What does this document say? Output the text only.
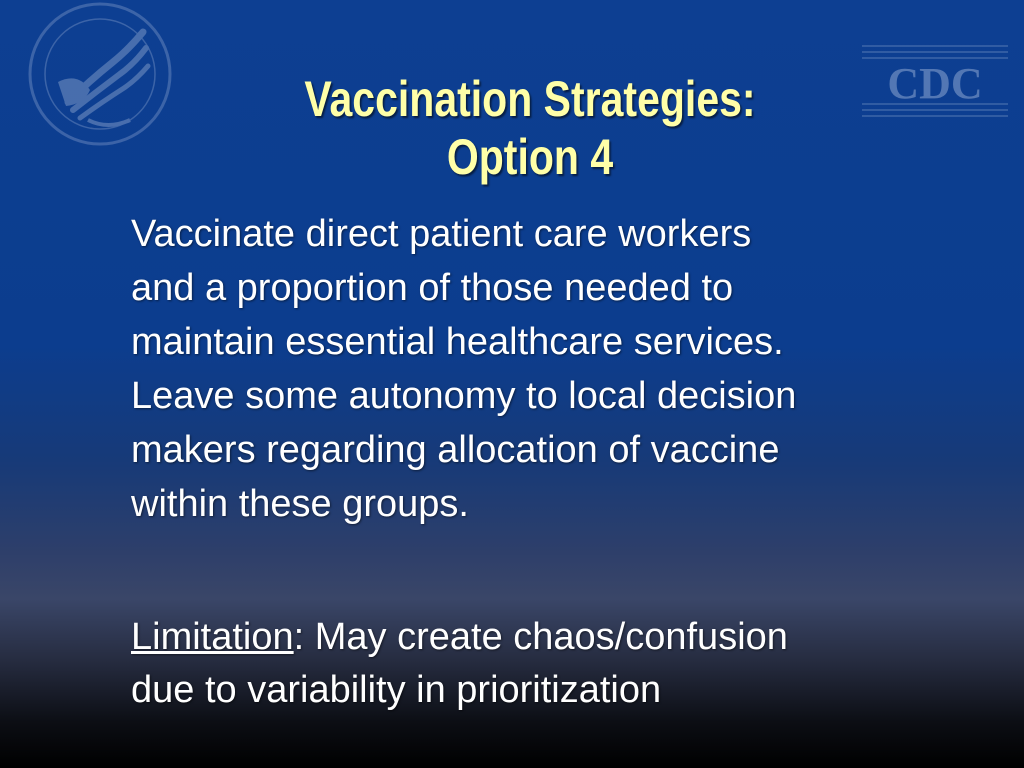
CDC
Vaccination Strategies:
Option 4

Vaccinate direct patient care workers
and a proportion of those needed to
maintain essential healthcare services.
Leave some autonomy to local decision
makers regarding allocation of vaccine
within these groups.

Limitation: May create chaos/confusion
due to variability in prioritization
